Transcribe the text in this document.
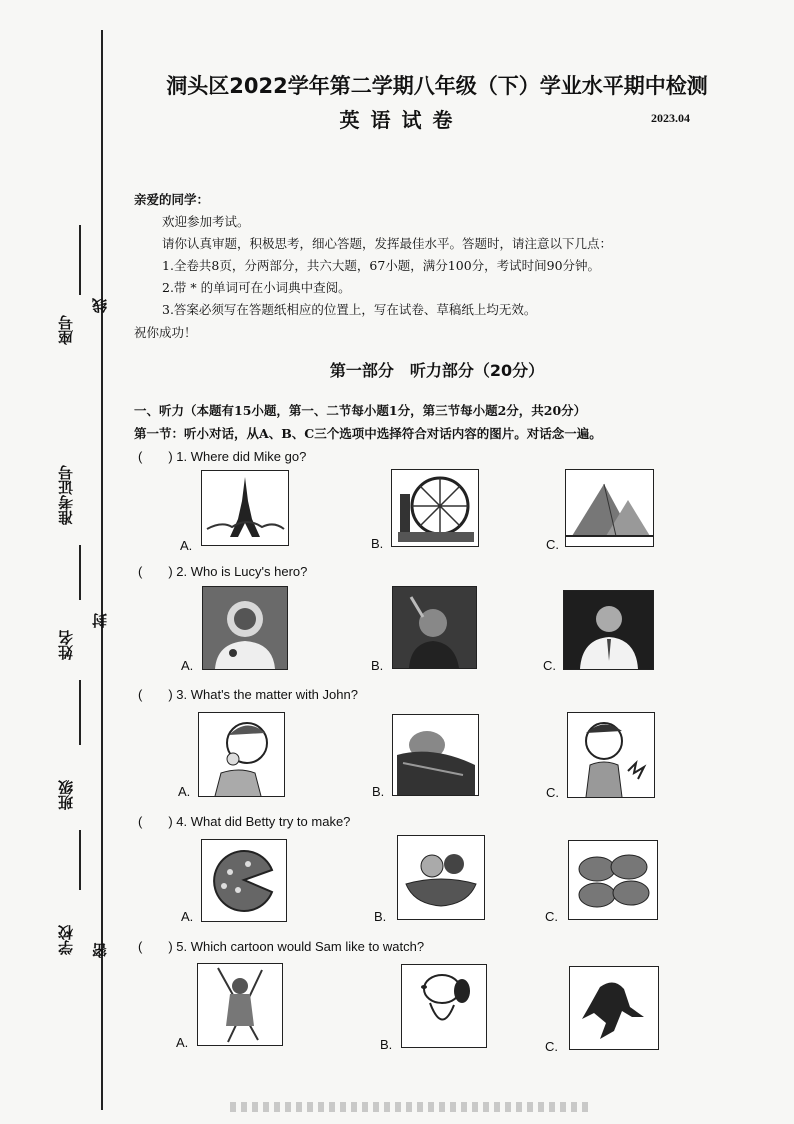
座号
准考证号
姓名
班级
学校
线
封
密
洞头区2022学年第二学期八年级（下）学业水平期中检测
英 语 试 卷	2023.04
亲爱的同学：
欢迎参加考试。
请你认真审题，积极思考，细心答题，发挥最佳水平。答题时，请注意以下几点：
1.全卷共8页，分两部分，共六大题，67小题，满分100分，考试时间90分钟。
2.带 * 的单词可在小词典中查阅。
3.答案必须写在答题纸相应的位置上，写在试卷、草稿纸上均无效。
祝你成功！
第一部分　听力部分（20分）
一、听力（本题有15小题，第一、二节每小题1分，第三节每小题2分，共20分）
第一节：听小对话，从A、B、C三个选项中选择符合对话内容的图片。对话念一遍。
(　　) 1. Where did Mike go?
A.	B.	C.
(　　) 2. Who is Lucy's hero?
A.	B.	C.
(　　) 3. What's the matter with John?
A.	B.	C.
(　　) 4. What did Betty try to make?
A.	B.	C.
(　　) 5. Which cartoon would Sam like to watch?
A.	B.	C.
